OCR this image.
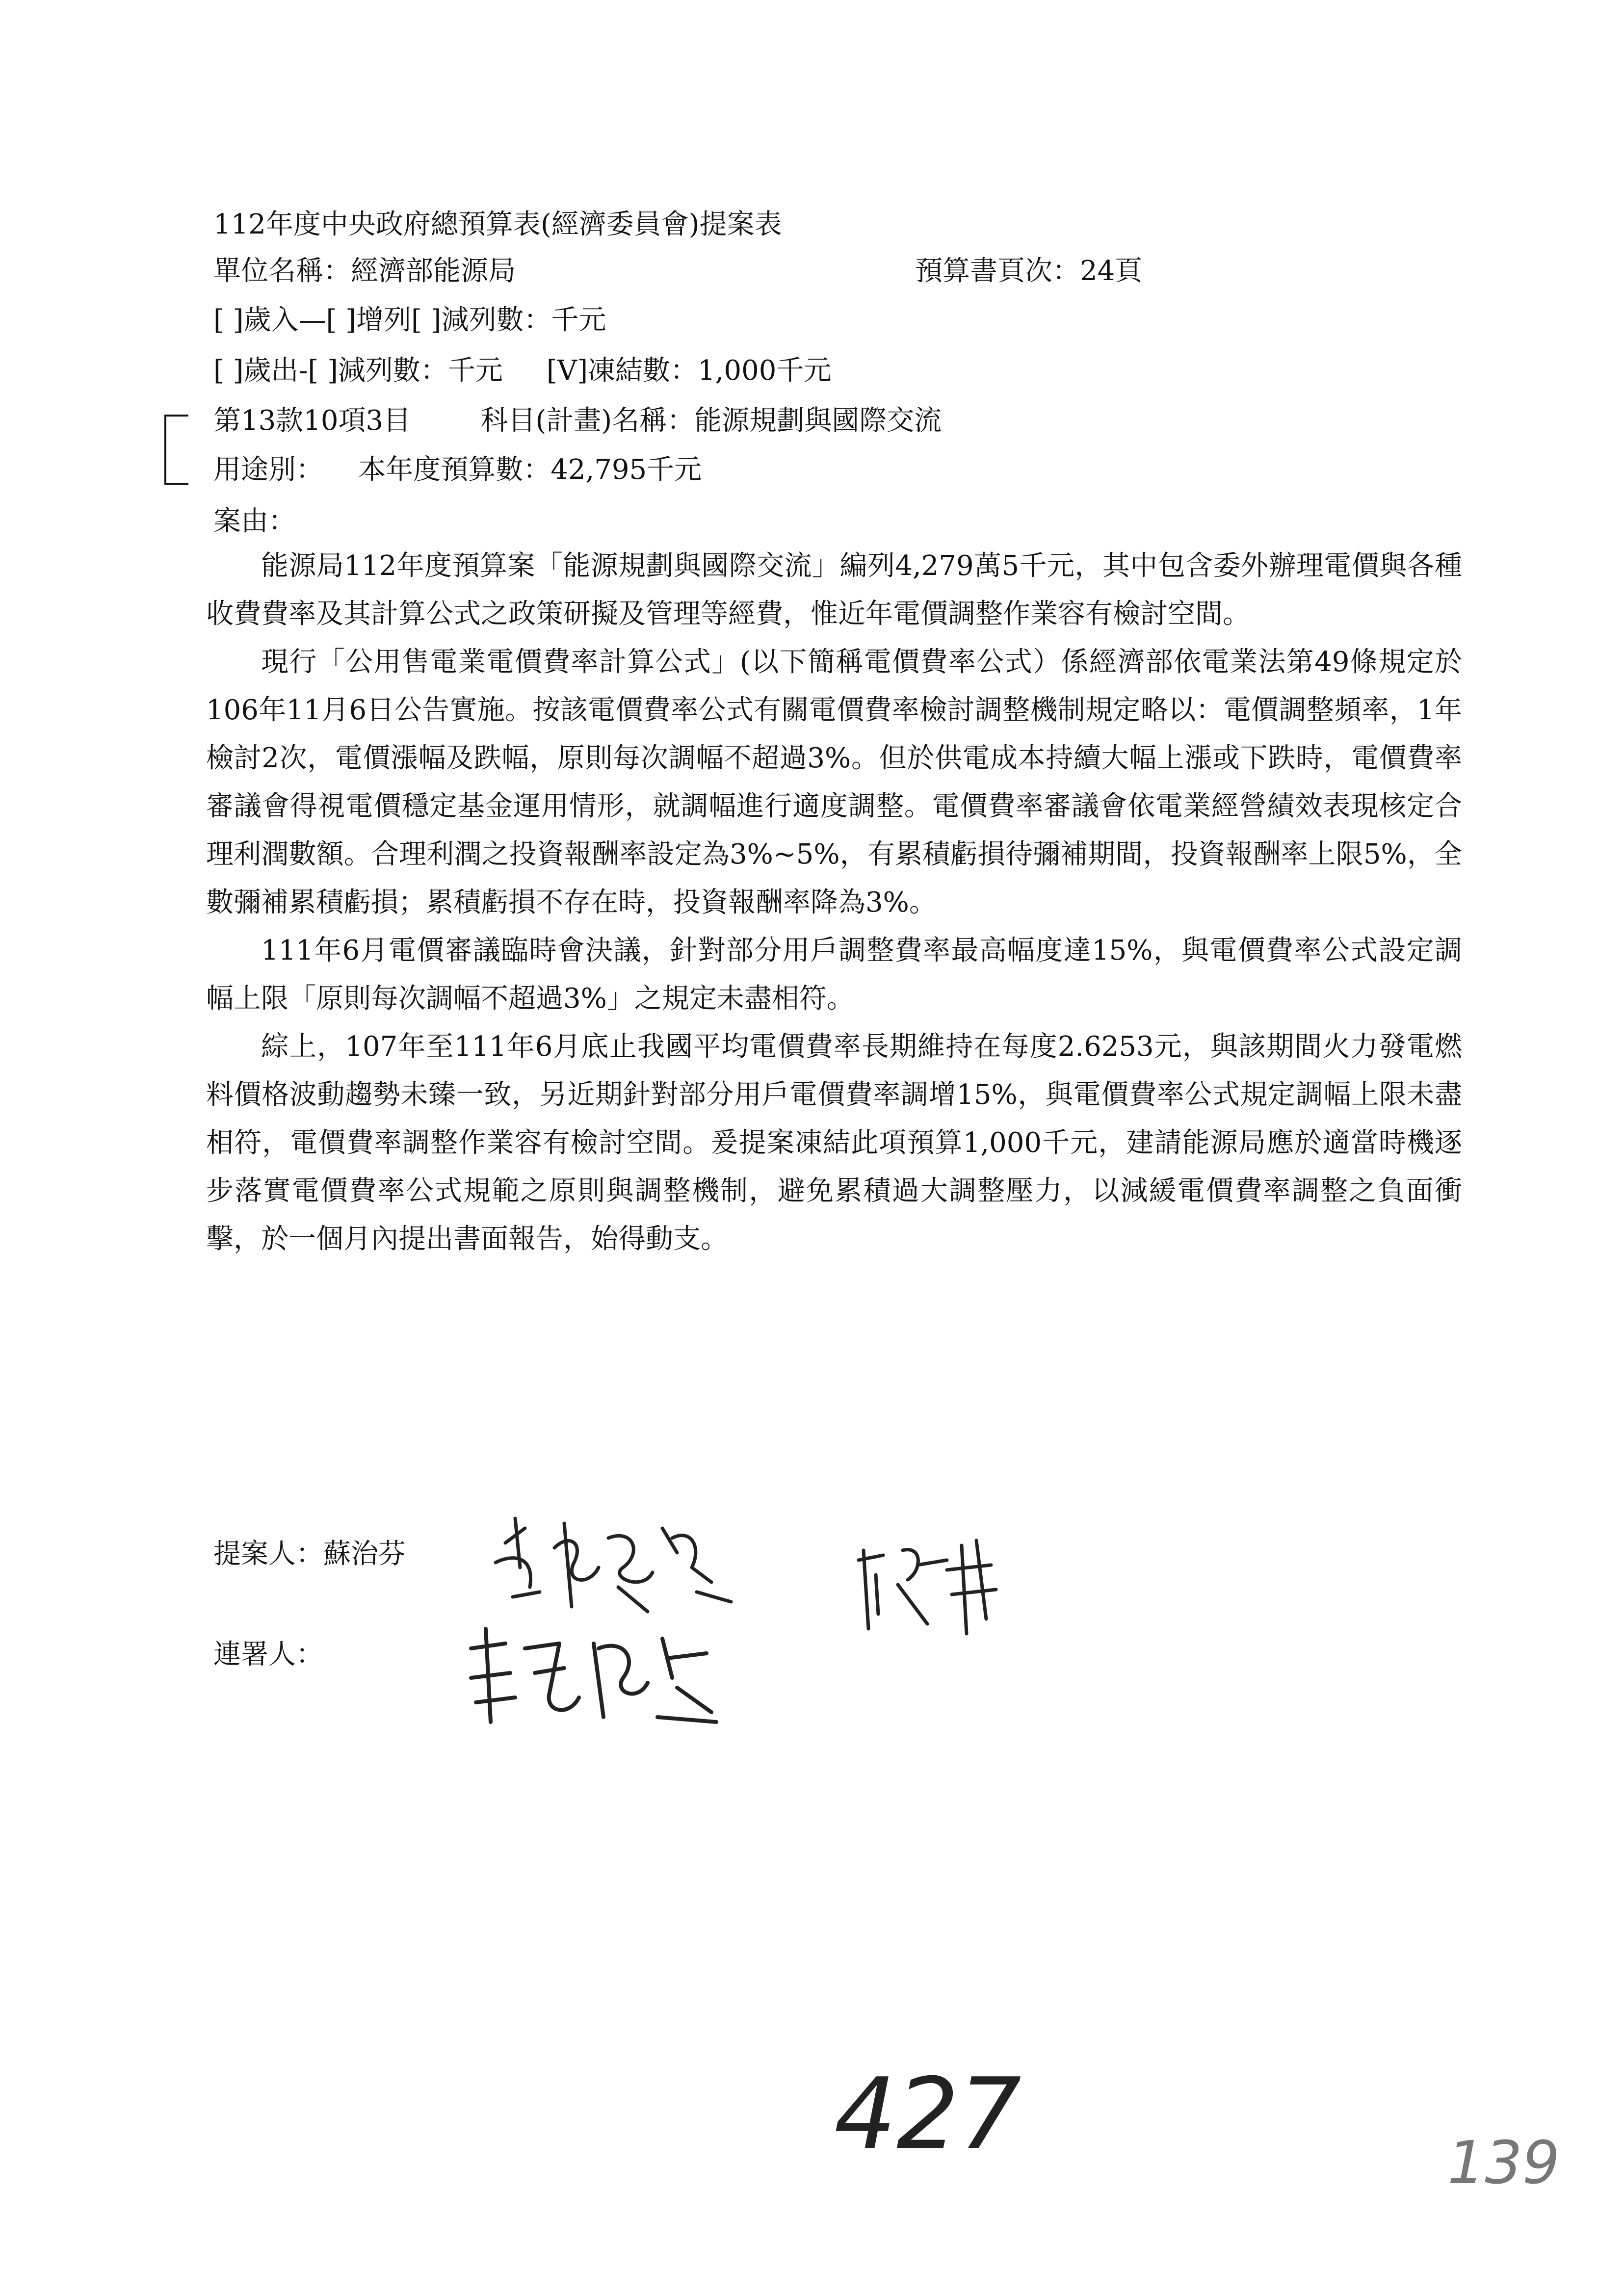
112年度中央政府總預算表(經濟委員會)提案表
單位名稱：經濟部能源局	預算書頁次：24頁
[ ]歲入—[ ]增列[ ]減列數：千元
[ ]歲出-[ ]減列數：千元     [V]凍結數：1,000千元
第13款10項3目        科目(計畫)名稱：能源規劃與國際交流
用途別：    本年度預算數：42,795千元
案由：

能源局112年度預算案「能源規劃與國際交流」編列4,279萬5千元，其中包含委外辦理電價與各種收費費率及其計算公式之政策研擬及管理等經費，惟近年電價調整作業容有檢討空間。

現行「公用售電業電價費率計算公式」(以下簡稱電價費率公式）係經濟部依電業法第49條規定於106年11月6日公告實施。按該電價費率公式有關電價費率檢討調整機制規定略以：電價調整頻率，1年檢討2次，電價漲幅及跌幅，原則每次調幅不超過3%。但於供電成本持續大幅上漲或下跌時，電價費率審議會得視電價穩定基金運用情形，就調幅進行適度調整。電價費率審議會依電業經營績效表現核定合理利潤數額。合理利潤之投資報酬率設定為3%~5%，有累積虧損待彌補期間，投資報酬率上限5%，全數彌補累積虧損；累積虧損不存在時，投資報酬率降為3%。

111年6月電價審議臨時會決議，針對部分用戶調整費率最高幅度達15%，與電價費率公式設定調幅上限「原則每次調幅不超過3%」之規定未盡相符。

綜上，107年至111年6月底止我國平均電價費率長期維持在每度2.6253元，與該期間火力發電燃料價格波動趨勢未臻一致，另近期針對部分用戶電價費率調增15%，與電價費率公式規定調幅上限未盡相符，電價費率調整作業容有檢討空間。爰提案凍結此項預算1,000千元，建請能源局應於適當時機逐步落實電價費率公式規範之原則與調整機制，避免累積過大調整壓力，以減緩電價費率調整之負面衝擊，於一個月內提出書面報告，始得動支。

提案人：蘇治芬
連署人：
427	139
